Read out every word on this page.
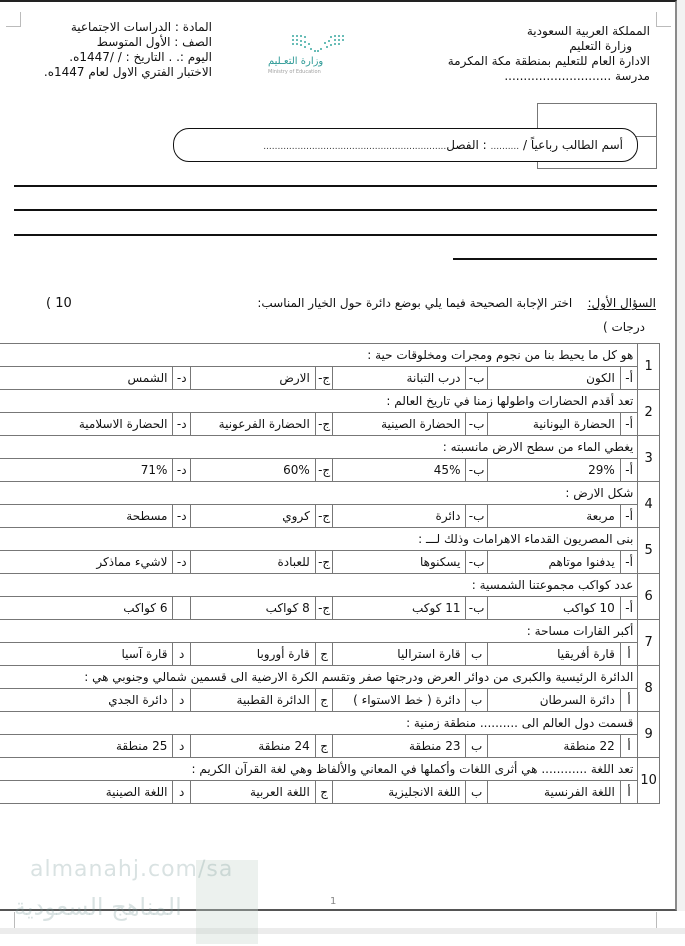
المملكة العربية السعودية
وزارة التعليم
الادارة العام للتعليم بمنطقة مكة المكرمة
مدرسة ............................
المادة : الدراسات الاجتماعية
الصف : الأول المتوسط
اليوم :. . التاريخ : / /1447ه.
الاختبار الفتري الاول لعام 1447ه.
وزارة التعـليم
Ministry of Education
أسم الطالب رباعياً / .......... : الفصل................................................................
السؤال الأول:    اختر الإجابة الصحيحة فيما يلي بوضع دائرة حول الخيار المناسب:
( 10
درجات )
1	هو كل ما يحيط بنا من نجوم ومجرات ومخلوقات حية :							
	أ-	الكون	ب-	درب التبانة	ج-	الارض	د-	الشمس
2	تعد أقدم الحضارات واطولها زمنا في تاريخ العالم :							
	أ-	الحضارة اليونانية	ب-	الحضارة الصينية	ج-	الحضارة الفرعونية	د-	الحضارة الاسلامية
3	يغطي الماء من سطح الارض مانسبته :							
	أ-	29%	ب-	45%	ج-	60%	د-	71%
4	شكل الارض :							
	أ-	مربعة	ب-	دائرة	ج-	كروي	د-	مسطحة
5	بنى المصريون القدماء الاهرامات وذلك لـــ :							
	أ-	يدفنوا موتاهم	ب-	يسكنوها	ج-	للعبادة	د-	لاشيء مماذكر
6	عدد كواكب مجموعتنا الشمسية :							
	أ-	10 كواكب	ب-	11 كوكب	ج-	8 كواكب		6 كواكب
7	أكبر القارات مساحة :							
	أ	قارة أفريقيا	ب	قارة استراليا	ج	قارة أوروبا	د	قارة آسيا
8	الدائرة الرئيسية والكبرى من دوائر العرض ودرجتها صفر وتقسم الكرة الارضية الى قسمين شمالي وجنوبي هي :							
	أ	دائرة السرطان	ب	دائرة ( خط الاستواء )	ج	الدائرة القطبية	د	دائرة الجدي
9	قسمت دول العالم الى .......... منطقة زمنية :							
	أ	22 منطقة	ب	23 منطقة	ج	24 منطقة	د	25 منطقة
10	تعد اللغة ............ هي أثرى اللغات وأكملها في المعاني والألفاظ وهي لغة القرآن الكريم :							
	أ	اللغة الفرنسية	ب	اللغة الانجليزية	ج	اللغة العربية	د	اللغة الصينية
1
almanahj.com/sa
المناهج السعودية
